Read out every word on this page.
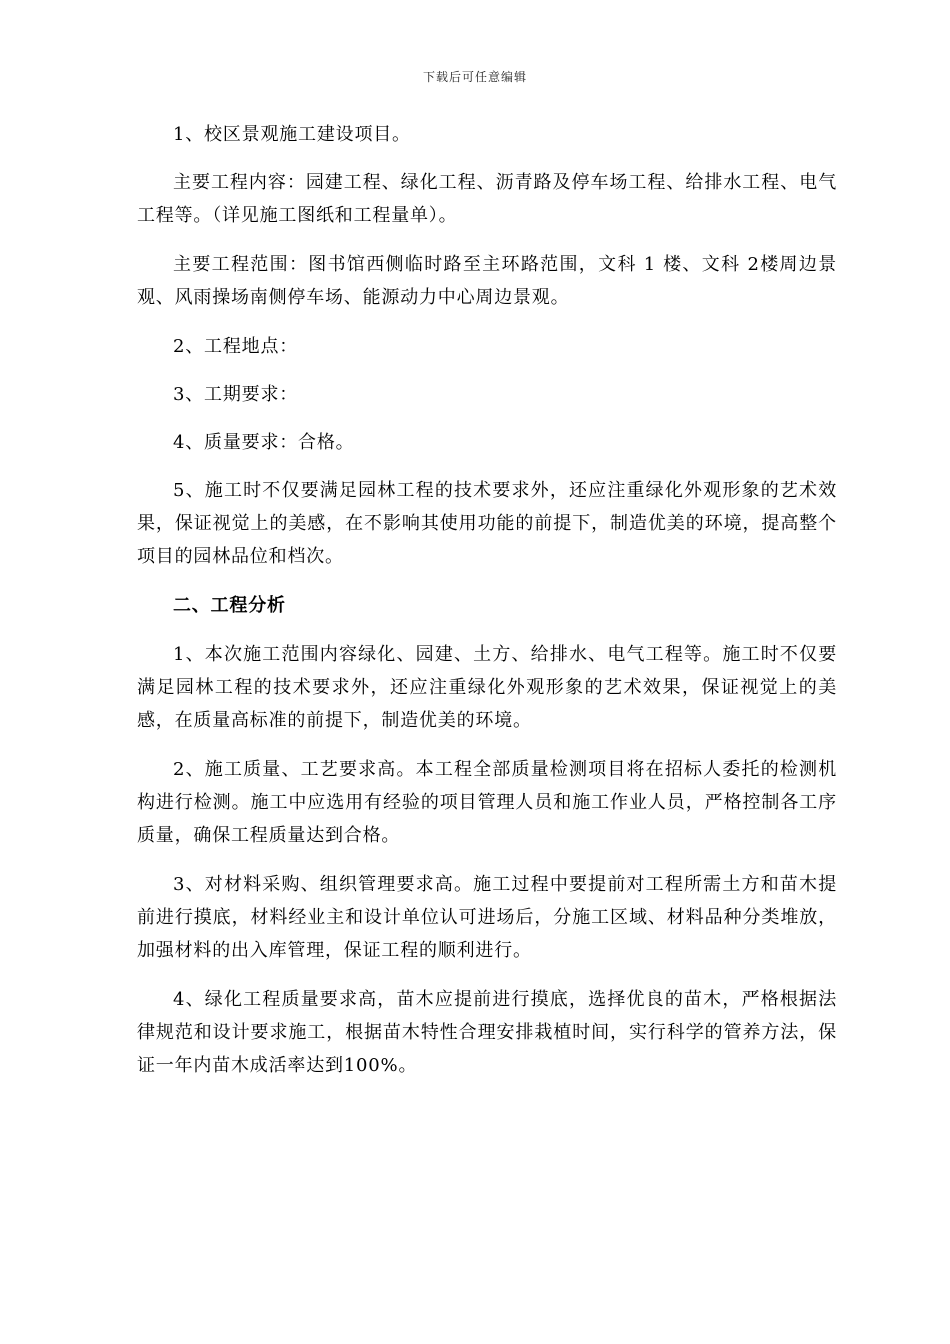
下载后可任意编辑

1、校区景观施工建设项目。

主要工程内容：园建工程、绿化工程、沥青路及停车场工程、给排水工程、电气工程等。（详见施工图纸和工程量单）。

主要工程范围：图书馆西侧临时路至主环路范围，文科 1 楼、文科 2楼周边景观、风雨操场南侧停车场、能源动力中心周边景观。

2、工程地点：

3、工期要求：

4、质量要求：合格。

5、施工时不仅要满足园林工程的技术要求外，还应注重绿化外观形象的艺术效果，保证视觉上的美感，在不影响其使用功能的前提下，制造优美的环境，提高整个项目的园林品位和档次。

二、工程分析

1、本次施工范围内容绿化、园建、土方、给排水、电气工程等。施工时不仅要满足园林工程的技术要求外，还应注重绿化外观形象的艺术效果，保证视觉上的美感，在质量高标准的前提下，制造优美的环境。

2、施工质量、工艺要求高。本工程全部质量检测项目将在招标人委托的检测机构进行检测。施工中应选用有经验的项目管理人员和施工作业人员，严格控制各工序质量，确保工程质量达到合格。

3、对材料采购、组织管理要求高。施工过程中要提前对工程所需土方和苗木提前进行摸底，材料经业主和设计单位认可进场后，分施工区域、材料品种分类堆放，加强材料的出入库管理，保证工程的顺利进行。

4、绿化工程质量要求高，苗木应提前进行摸底，选择优良的苗木，严格根据法律规范和设计要求施工，根据苗木特性合理安排栽植时间，实行科学的管养方法，保证一年内苗木成活率达到100%。
